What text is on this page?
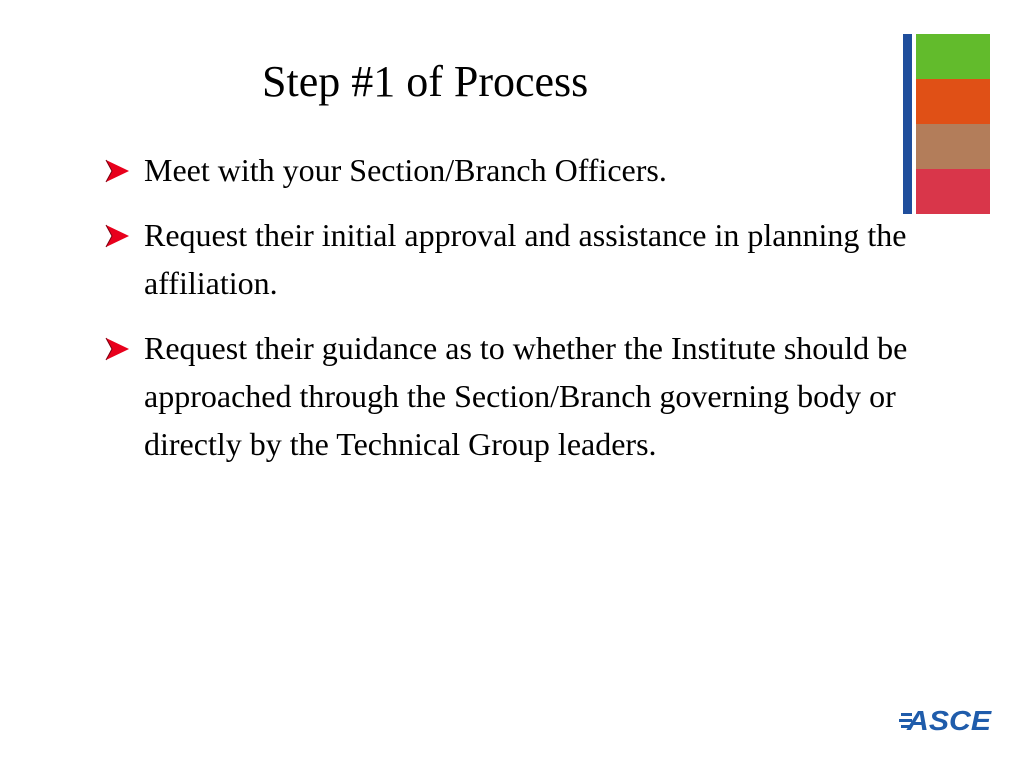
Step #1 of Process
Meet with your Section/Branch Officers.
Request their initial approval and assistance in planning the affiliation.
Request their guidance as to whether the Institute should be approached through the Section/Branch governing body or directly by the Technical Group leaders.
ASCE
